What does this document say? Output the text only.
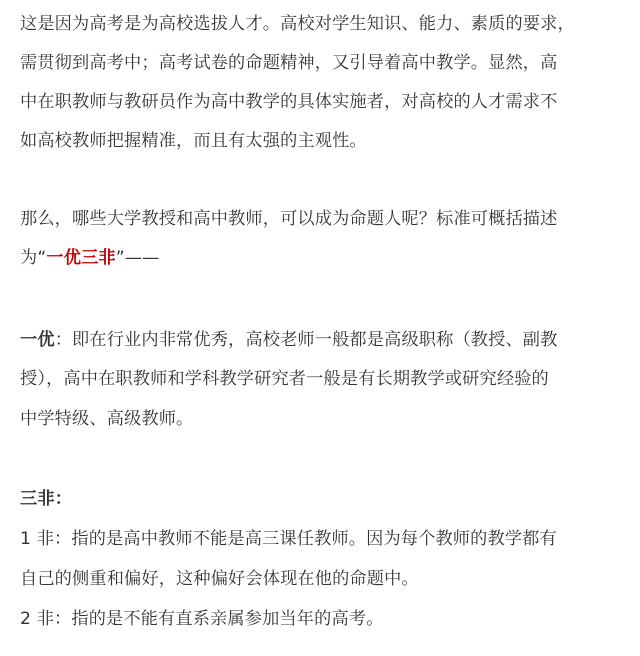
这是因为高考是为高校选拔人才。高校对学生知识、能力、素质的要求，
需贯彻到高考中；高考试卷的命题精神，又引导着高中教学。显然，高
中在职教师与教研员作为高中教学的具体实施者，对高校的人才需求不
如高校教师把握精准，而且有太强的主观性。
那么，哪些大学教授和高中教师，可以成为命题人呢？标准可概括描述
为“一优三非”——
一优：即在行业内非常优秀，高校老师一般都是高级职称（教授、副教
授），高中在职教师和学科教学研究者一般是有长期教学或研究经验的
中学特级、高级教师。
三非：
1 非：指的是高中教师不能是高三课任教师。因为每个教师的教学都有
自己的侧重和偏好，这种偏好会体现在他的命题中。
2 非：指的是不能有直系亲属参加当年的高考。
